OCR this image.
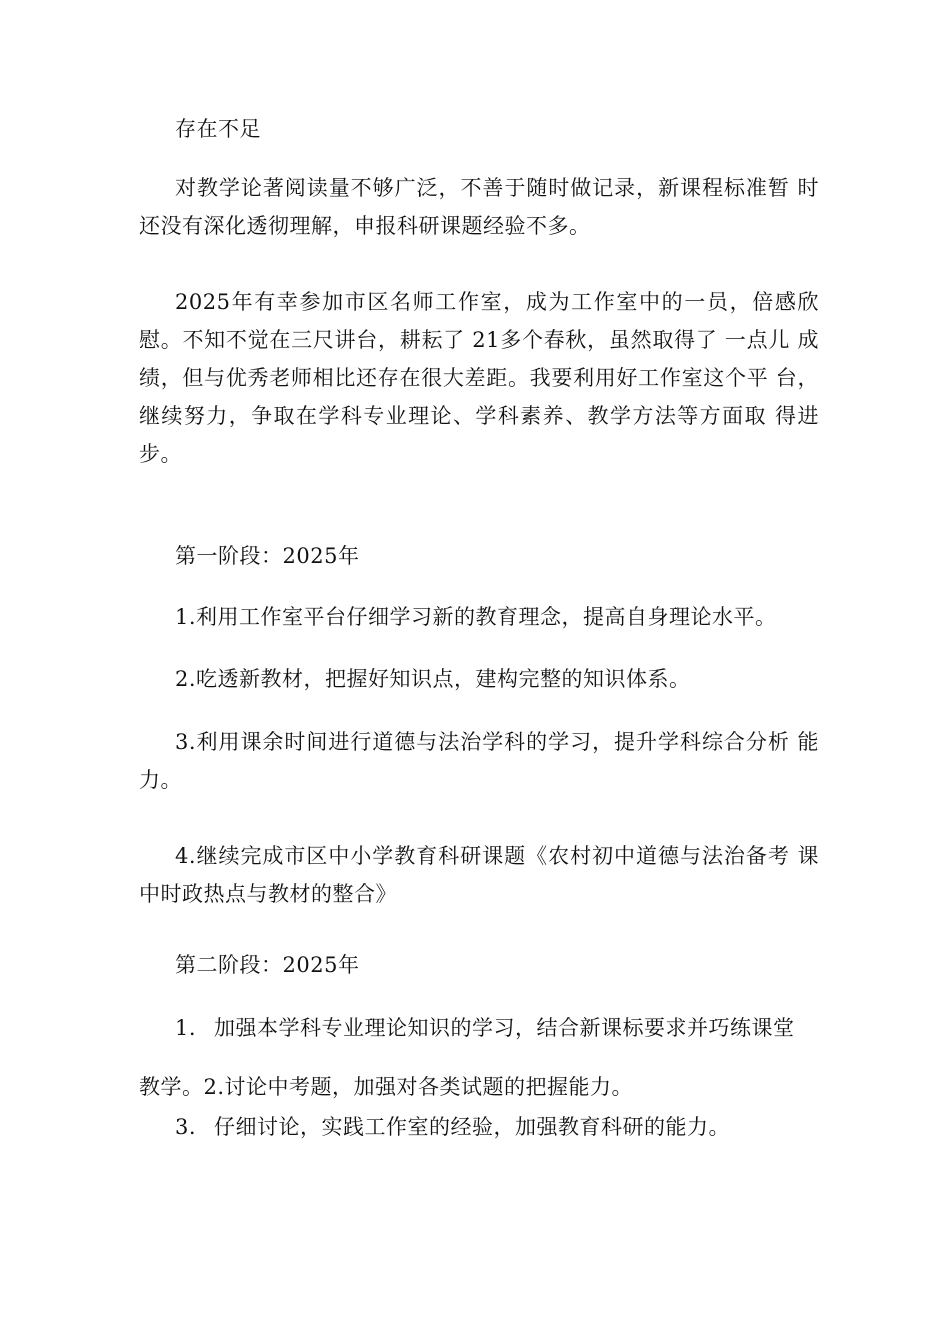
存在不足

对教学论著阅读量不够广泛，不善于随时做记录，新课程标准暂 时还没有深化透彻理解，申报科研课题经验不多。

2025年有幸参加市区名师工作室，成为工作室中的一员，倍感欣慰。不知不觉在三尺讲台，耕耘了 21多个春秋，虽然取得了 一点儿 成绩，但与优秀老师相比还存在很大差距。我要利用好工作室这个平 台，继续努力，争取在学科专业理论、学科素养、教学方法等方面取 得进步。

第一阶段：2025年

1.利用工作室平台仔细学习新的教育理念，提高自身理论水平。

2.吃透新教材，把握好知识点，建构完整的知识体系。

3.利用课余时间进行道德与法治学科的学习，提升学科综合分析 能力。

4.继续完成市区中小学教育科研课题《农村初中道德与法治备考 课中时政热点与教材的整合》

第二阶段：2025年

1. 加强本学科专业理论知识的学习，结合新课标要求并巧练课堂

教学。2.讨论中考题，加强对各类试题的把握能力。

3. 仔细讨论，实践工作室的经验，加强教育科研的能力。
